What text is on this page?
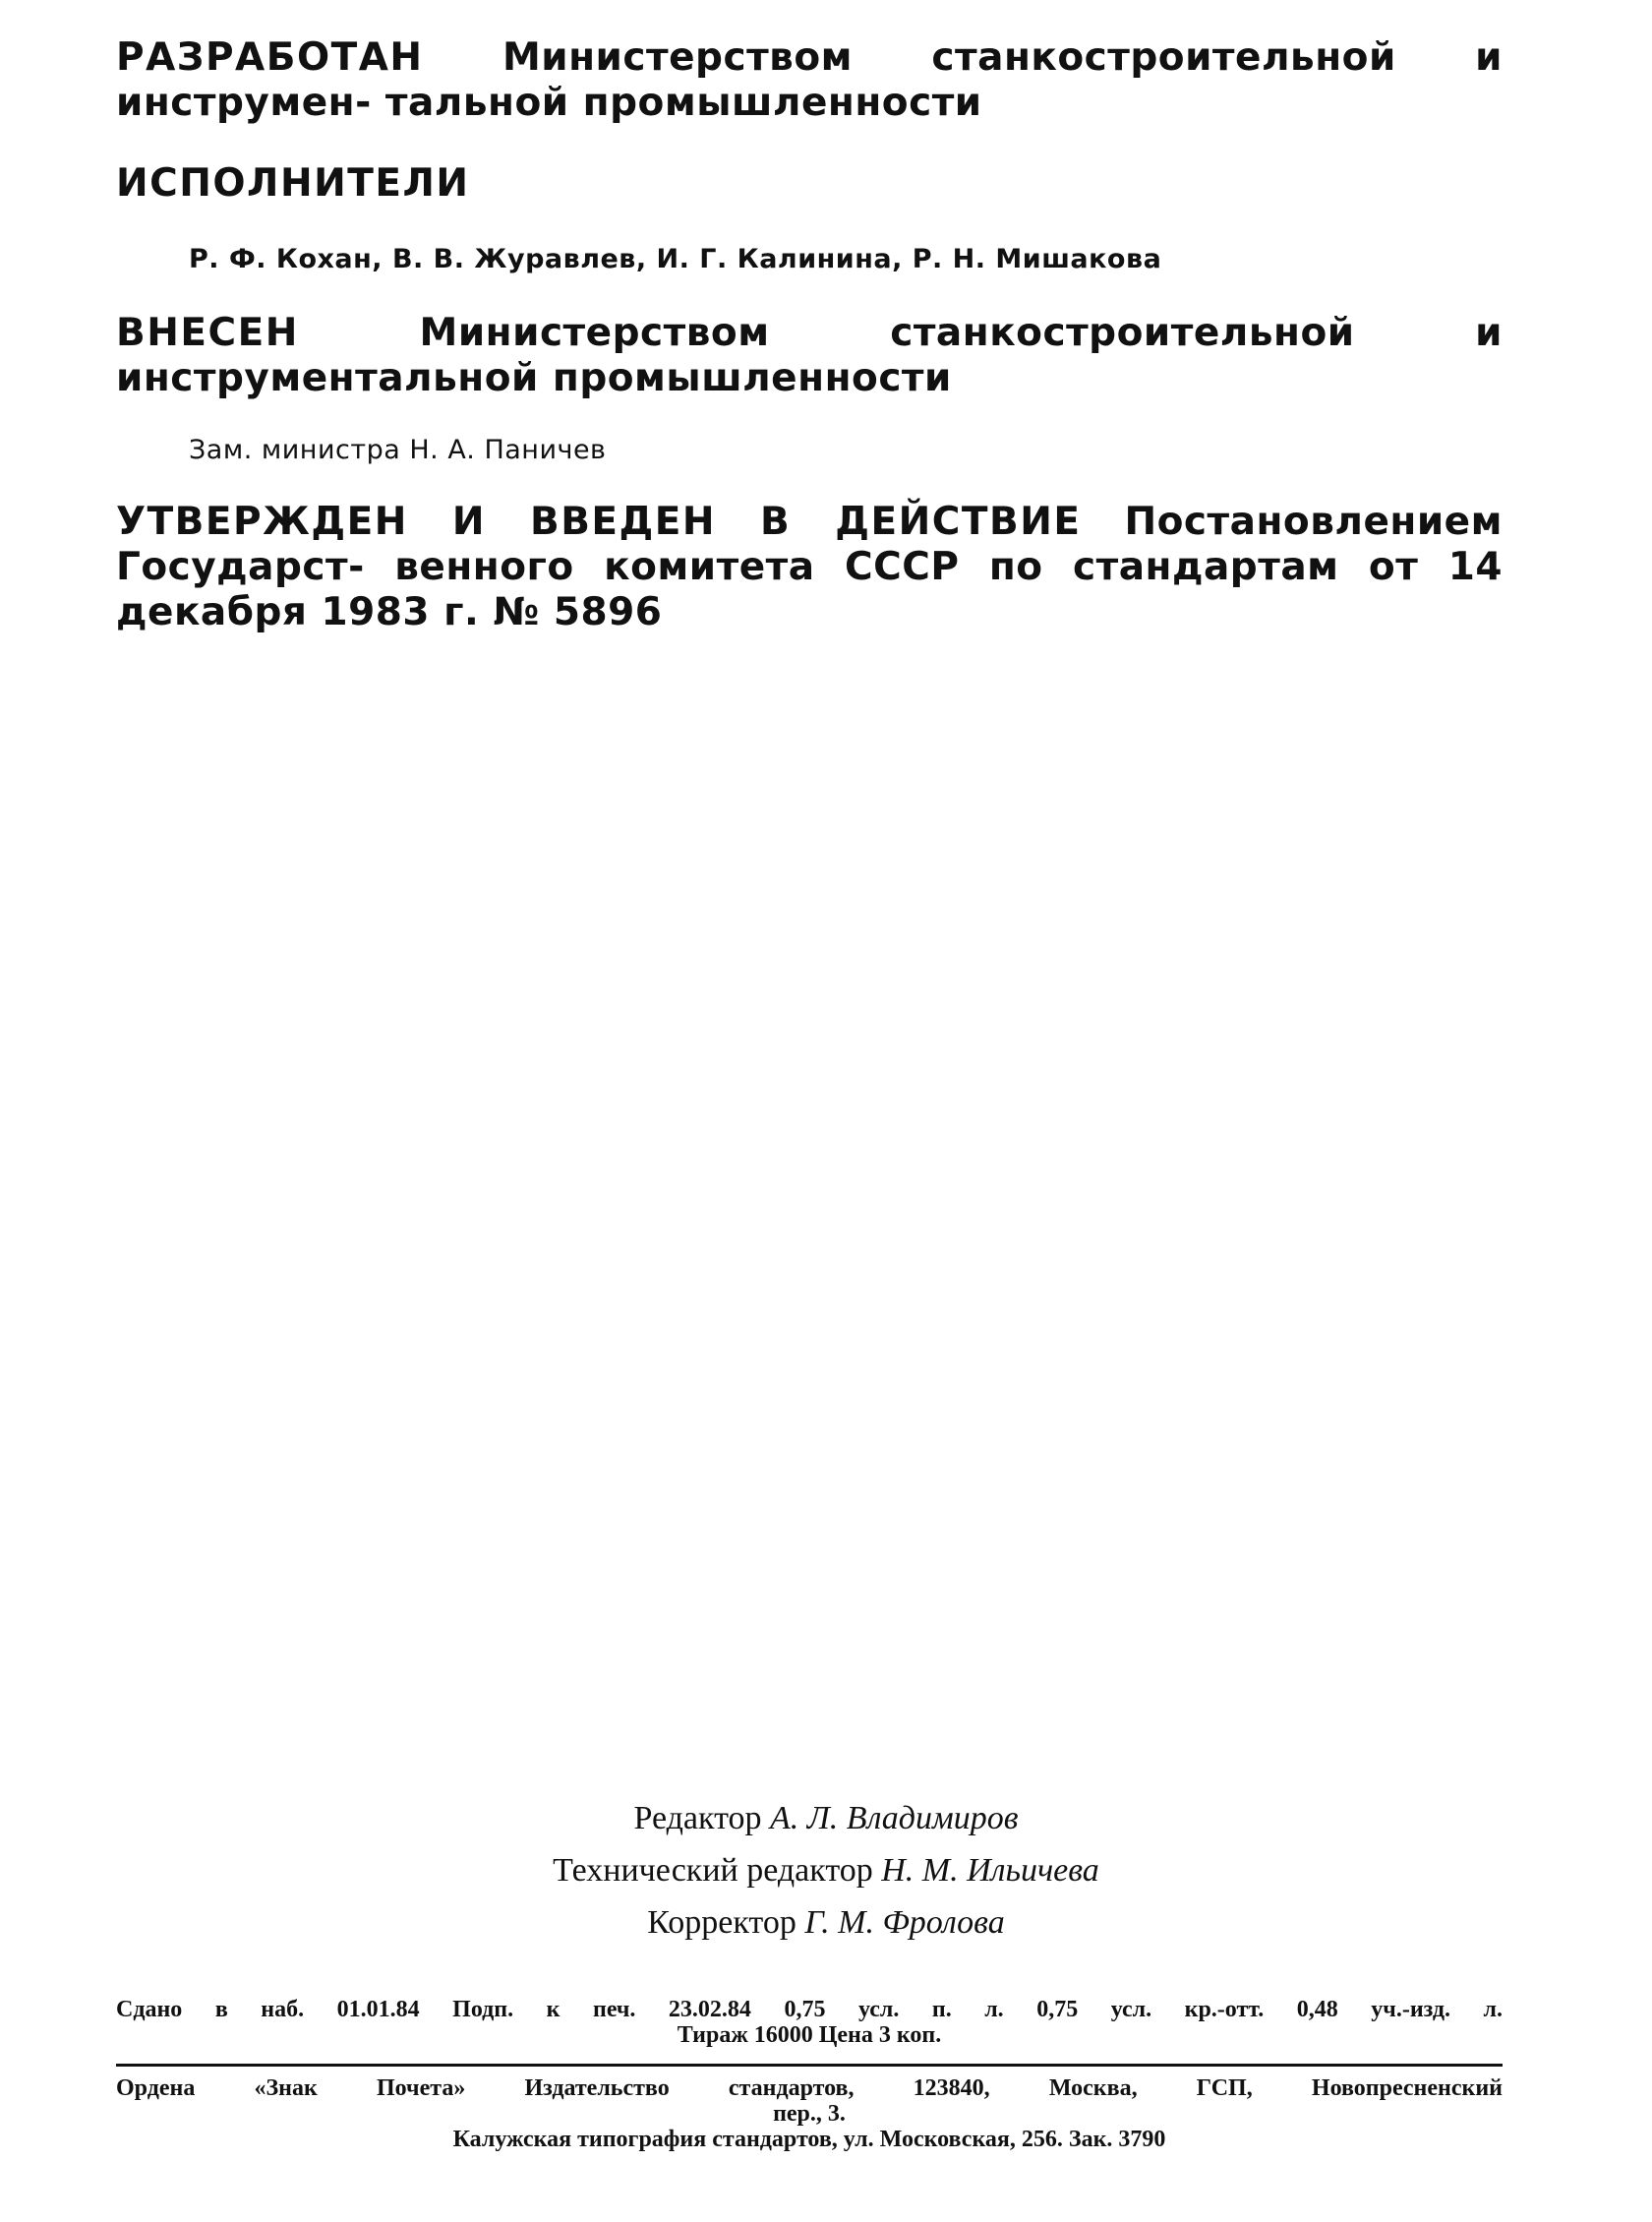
РАЗРАБОТАН Министерством станкостроительной и инструмен- тальной промышленности
ИСПОЛНИТЕЛИ
Р. Ф. Кохан, В. В. Журавлев, И. Г. Калинина, Р. Н. Мишакова
ВНЕСЕН	Министерством станкостроительной и инструментальной промышленности
Зам. министра Н. А. Паничев
УТВЕРЖДЕН И ВВЕДЕН В ДЕЙСТВИЕ Постановлением Государст- венного комитета СССР по стандартам от 14 декабря 1983 г. № 5896
Редактор А. Л. Владимиров
Технический редактор Н. М. Ильичева
Корректор Г. М. Фролова
Сдано в наб. 01.01.84 Подп. к печ. 23.02.84 0,75 усл. п. л. 0,75 усл. кр.-отт. 0,48 уч.-изд. л.
Тираж 16000 Цена 3 коп.
Ордена «Знак Почета» Издательство стандартов, 123840, Москва, ГСП, Новопресненский
пер., 3.
Калужская типография стандартов, ул. Московская, 256. Зак. 3790
